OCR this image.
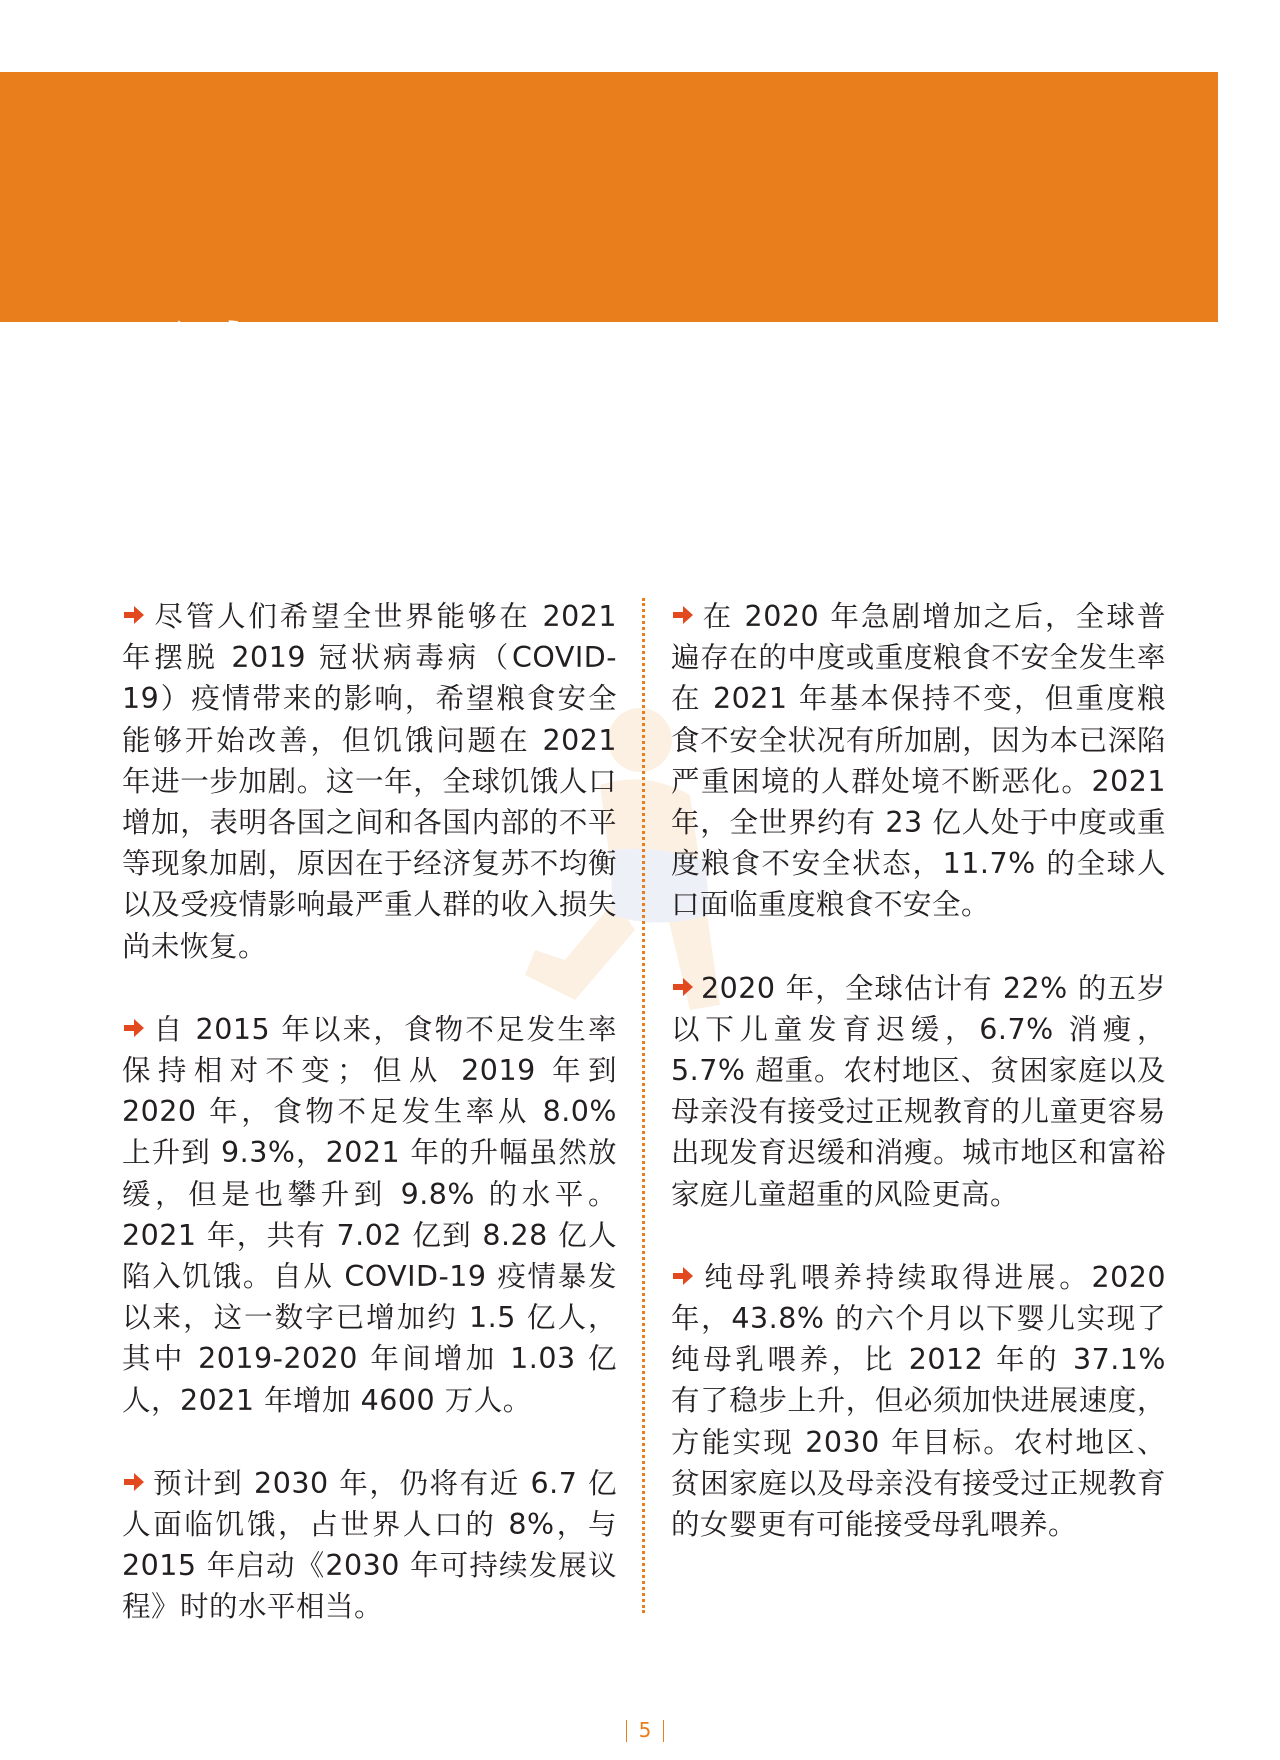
要点

尽管人们希望全世界能够在 2021 年摆脱 2019 冠状病毒病（COVID-19）疫情带来的影响，希望粮食安全能够开始改善，但饥饿问题在 2021 年进一步加剧。这一年，全球饥饿人口增加，表明各国之间和各国内部的不平等现象加剧，原因在于经济复苏不均衡以及受疫情影响最严重人群的收入损失尚未恢复。

自 2015 年以来，食物不足发生率保持相对不变；但从 2019 年到 2020 年，食物不足发生率从 8.0% 上升到 9.3%，2021 年的升幅虽然放缓，但是也攀升到 9.8% 的水平。2021 年，共有 7.02 亿到 8.28 亿人陷入饥饿。自从 COVID-19 疫情暴发以来，这一数字已增加约 1.5 亿人，其中 2019-2020 年间增加 1.03 亿人，2021 年增加 4600 万人。

预计到 2030 年，仍将有近 6.7 亿人面临饥饿，占世界人口的 8%，与 2015 年启动《2030 年可持续发展议程》时的水平相当。

在 2020 年急剧增加之后，全球普遍存在的中度或重度粮食不安全发生率在 2021 年基本保持不变，但重度粮食不安全状况有所加剧，因为本已深陷严重困境的人群处境不断恶化。2021 年，全世界约有 23 亿人处于中度或重度粮食不安全状态，11.7% 的全球人口面临重度粮食不安全。

2020 年，全球估计有 22% 的五岁以下儿童发育迟缓，6.7% 消瘦，5.7% 超重。农村地区、贫困家庭以及母亲没有接受过正规教育的儿童更容易出现发育迟缓和消瘦。城市地区和富裕家庭儿童超重的风险更高。

纯母乳喂养持续取得进展。2020 年，43.8% 的六个月以下婴儿实现了纯母乳喂养，比 2012 年的 37.1% 有了稳步上升，但必须加快进展速度，方能实现 2030 年目标。农村地区、贫困家庭以及母亲没有接受过正规教育的女婴更有可能接受母乳喂养。

5
